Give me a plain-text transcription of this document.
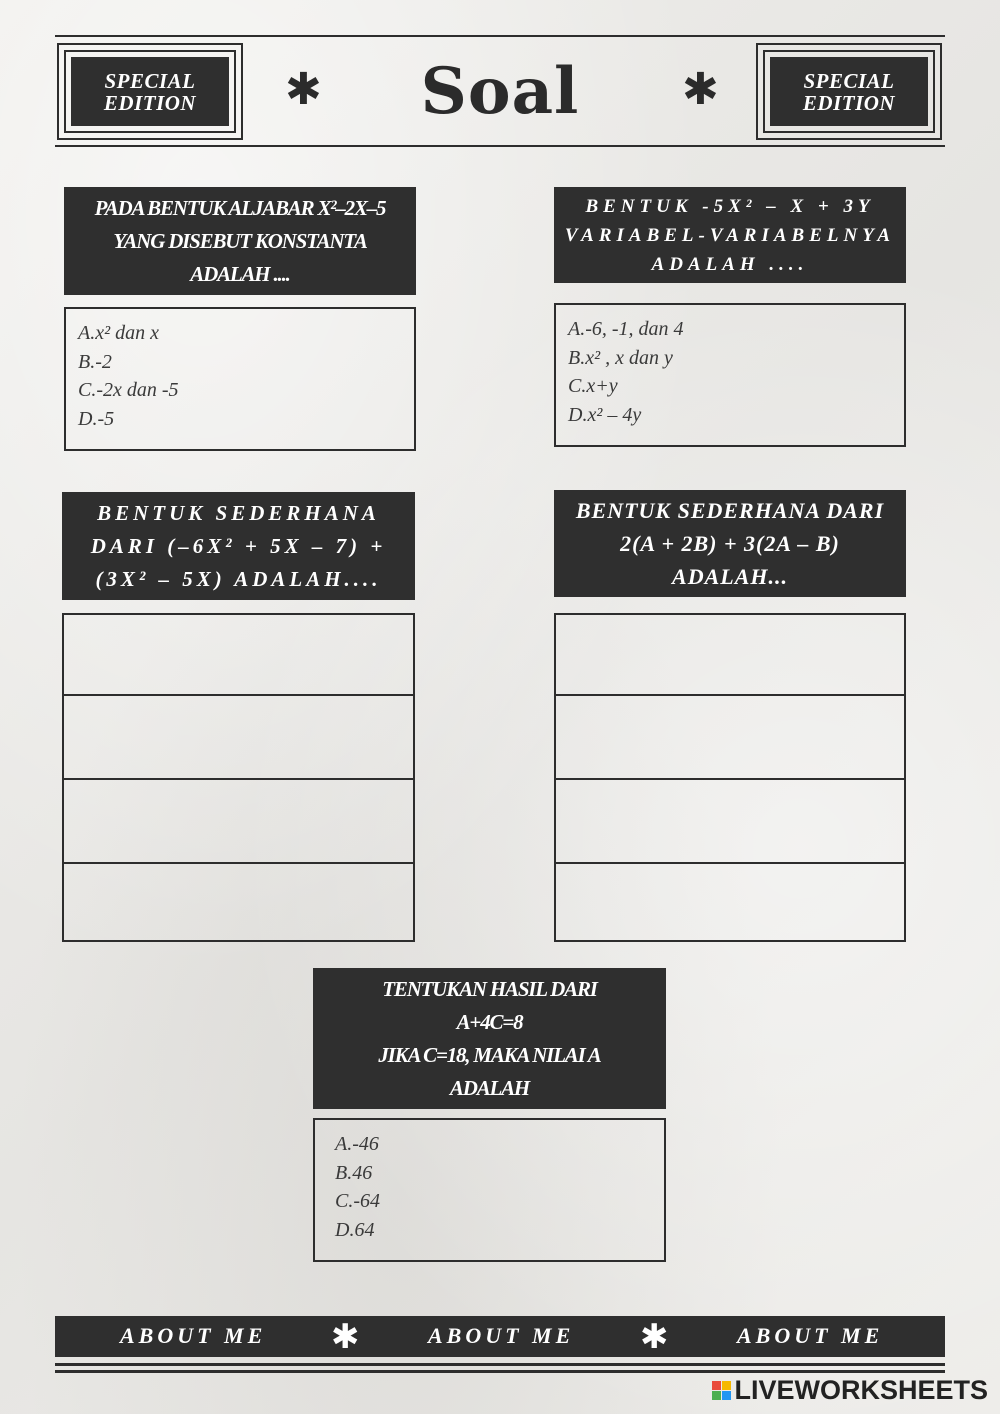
SPECIAL
EDITION ✱	Soal	✱	SPECIAL
EDITION
PADA BENTUK ALJABAR X²–2X–5
YANG DISEBUT KONSTANTA
ADALAH ....
A.x² dan x
B.-2
C.-2x dan -5
D.-5
BENTUK -5X² – X + 3Y
VARIABEL-VARIABELNYA
ADALAH ....
A.-6, -1, dan 4
B.x² , x dan y
C.x+y
D.x² – 4y
BENTUK SEDERHANA
DARI (–6X² + 5X – 7) +
(3X² – 5X) ADALAH....
BENTUK SEDERHANA DARI
2(A + 2B) + 3(2A – B)
ADALAH...
TENTUKAN HASIL DARI
A+4C=8
JIKA C=18, MAKA NILAI A
ADALAH
A.-46
B.46
C.-64
D.64
ABOUT ME ✱	ABOUT ME ✱	ABOUT ME
LIVEWORKSHEETS
